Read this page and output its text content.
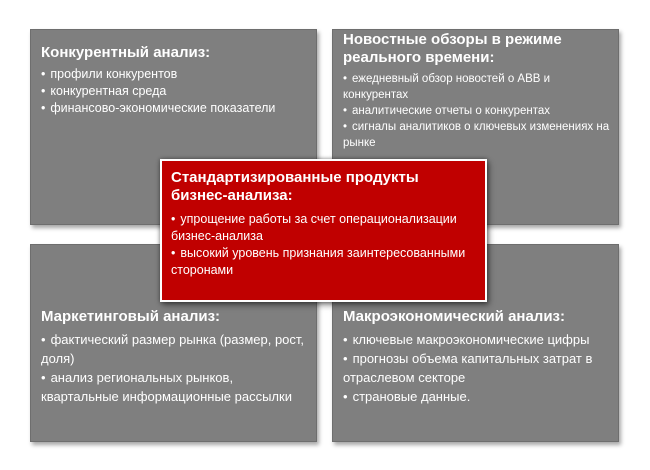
Конкурентный анализ:
• профили конкурентов
• конкурентная среда
• финансово-экономические показатели
Новостные обзоры в режиме реального времени:
• ежедневный обзор новостей о АВВ и конкурентах
• аналитические отчеты о конкурентах
• сигналы аналитиков о ключевых изменениях на рынке
Маркетинговый анализ:
• фактический размер рынка (размер, рост, доля)
• анализ региональных рынков, квартальные информационные рассылки
Макроэкономический анализ:
• ключевые макроэкономические цифры
• прогнозы объема капитальных затрат в отраслевом секторе
• страновые данные.
Стандартизированные продукты бизнес-анализа:
• упрощение работы за счет операционализации бизнес-анализа
• высокий уровень признания заинтересованными сторонами
